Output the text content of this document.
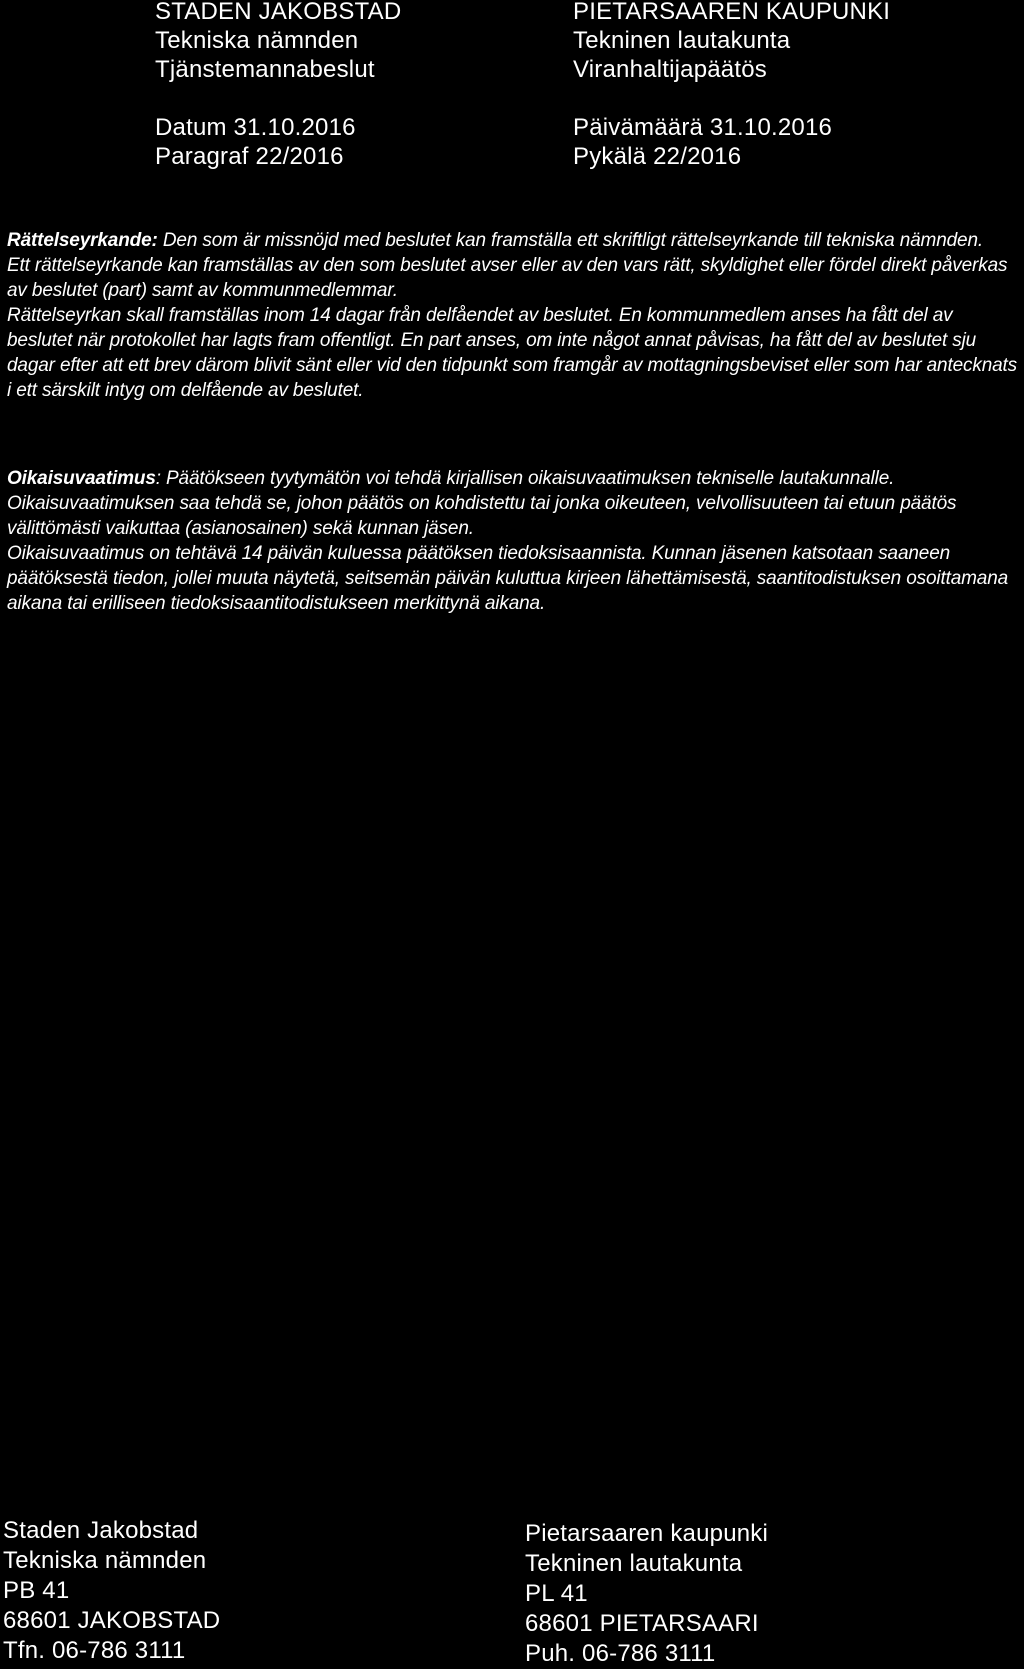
STADEN JAKOBSTAD
Tekniska nämnden
Tjänstemannabeslut
Datum 31.10.2016
Paragraf 22/2016
PIETARSAAREN KAUPUNKI
Tekninen lautakunta
Viranhaltijapäätös
Päivämäärä 31.10.2016
Pykälä 22/2016

Rättelseyrkande: Den som är missnöjd med beslutet kan framställa ett skriftligt rättelseyrkande till tekniska nämnden.

Ett rättelseyrkande kan framställas av den som beslutet avser eller av den vars rätt, skyldighet eller fördel direkt påverkas av beslutet (part) samt av kommunmedlemmar.

Rättelseyrkan skall framställas inom 14 dagar från delfåendet av beslutet. En kommunmedlem anses ha fått del av beslutet när protokollet har lagts fram offentligt. En part anses, om inte något annat påvisas, ha fått del av beslutet sju dagar efter att ett brev därom blivit sänt eller vid den tidpunkt som framgår av mottagningsbeviset eller som har antecknats i ett särskilt intyg om delfående av beslutet.

Oikaisuvaatimus: Päätökseen tyytymätön voi tehdä kirjallisen oikaisuvaatimuksen tekniselle lautakunnalle.

Oikaisuvaatimuksen saa tehdä se, johon päätös on kohdistettu tai jonka oikeuteen, velvollisuuteen tai etuun päätös välittömästi vaikuttaa (asianosainen) sekä kunnan jäsen.

Oikaisuvaatimus on tehtävä 14 päivän kuluessa päätöksen tiedoksisaannista. Kunnan jäsenen katsotaan saaneen päätöksestä tiedon, jollei muuta näytetä, seitsemän päivän kuluttua kirjeen lähettämisestä, saantitodistuksen osoittamana aikana tai erilliseen tiedoksisaantitodistukseen merkittynä aikana.

Staden Jakobstad
Tekniska nämnden
PB 41
68601 JAKOBSTAD
Tfn. 06-786 3111
Pietarsaaren kaupunki
Tekninen lautakunta
PL 41
68601 PIETARSAARI
Puh. 06-786 3111
